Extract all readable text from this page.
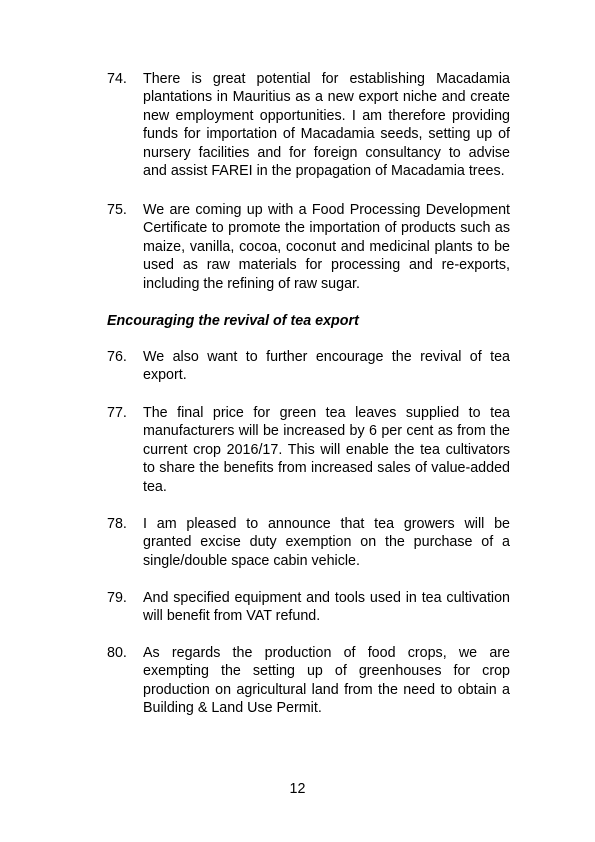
74.	There is great potential for establishing Macadamia plantations in Mauritius as a new export niche and create new employment opportunities. I am therefore providing funds for importation of Macadamia seeds, setting up of nursery facilities and for foreign consultancy to advise and assist FAREI in the propagation of Macadamia trees.
75.	We are coming up with a Food Processing Development Certificate to promote the importation of products such as maize, vanilla, cocoa, coconut and medicinal plants to be used as raw materials for processing and re-exports, including the refining of raw sugar.
Encouraging the revival of tea export
76.	We also want to further encourage the revival of tea export.
77.	The final price for green tea leaves supplied to tea manufacturers will be increased by 6 per cent as from the current crop 2016/17. This will enable the tea cultivators to share the benefits from increased sales of value-added tea.
78.	I am pleased to announce that tea growers will be granted excise duty exemption on the purchase of a single/double space cabin vehicle.
79.	And specified equipment and tools used in tea cultivation will benefit from VAT refund.
80.	As regards the production of food crops, we are exempting the setting up of greenhouses for crop production on agricultural land from the need to obtain a Building & Land Use Permit.
12
